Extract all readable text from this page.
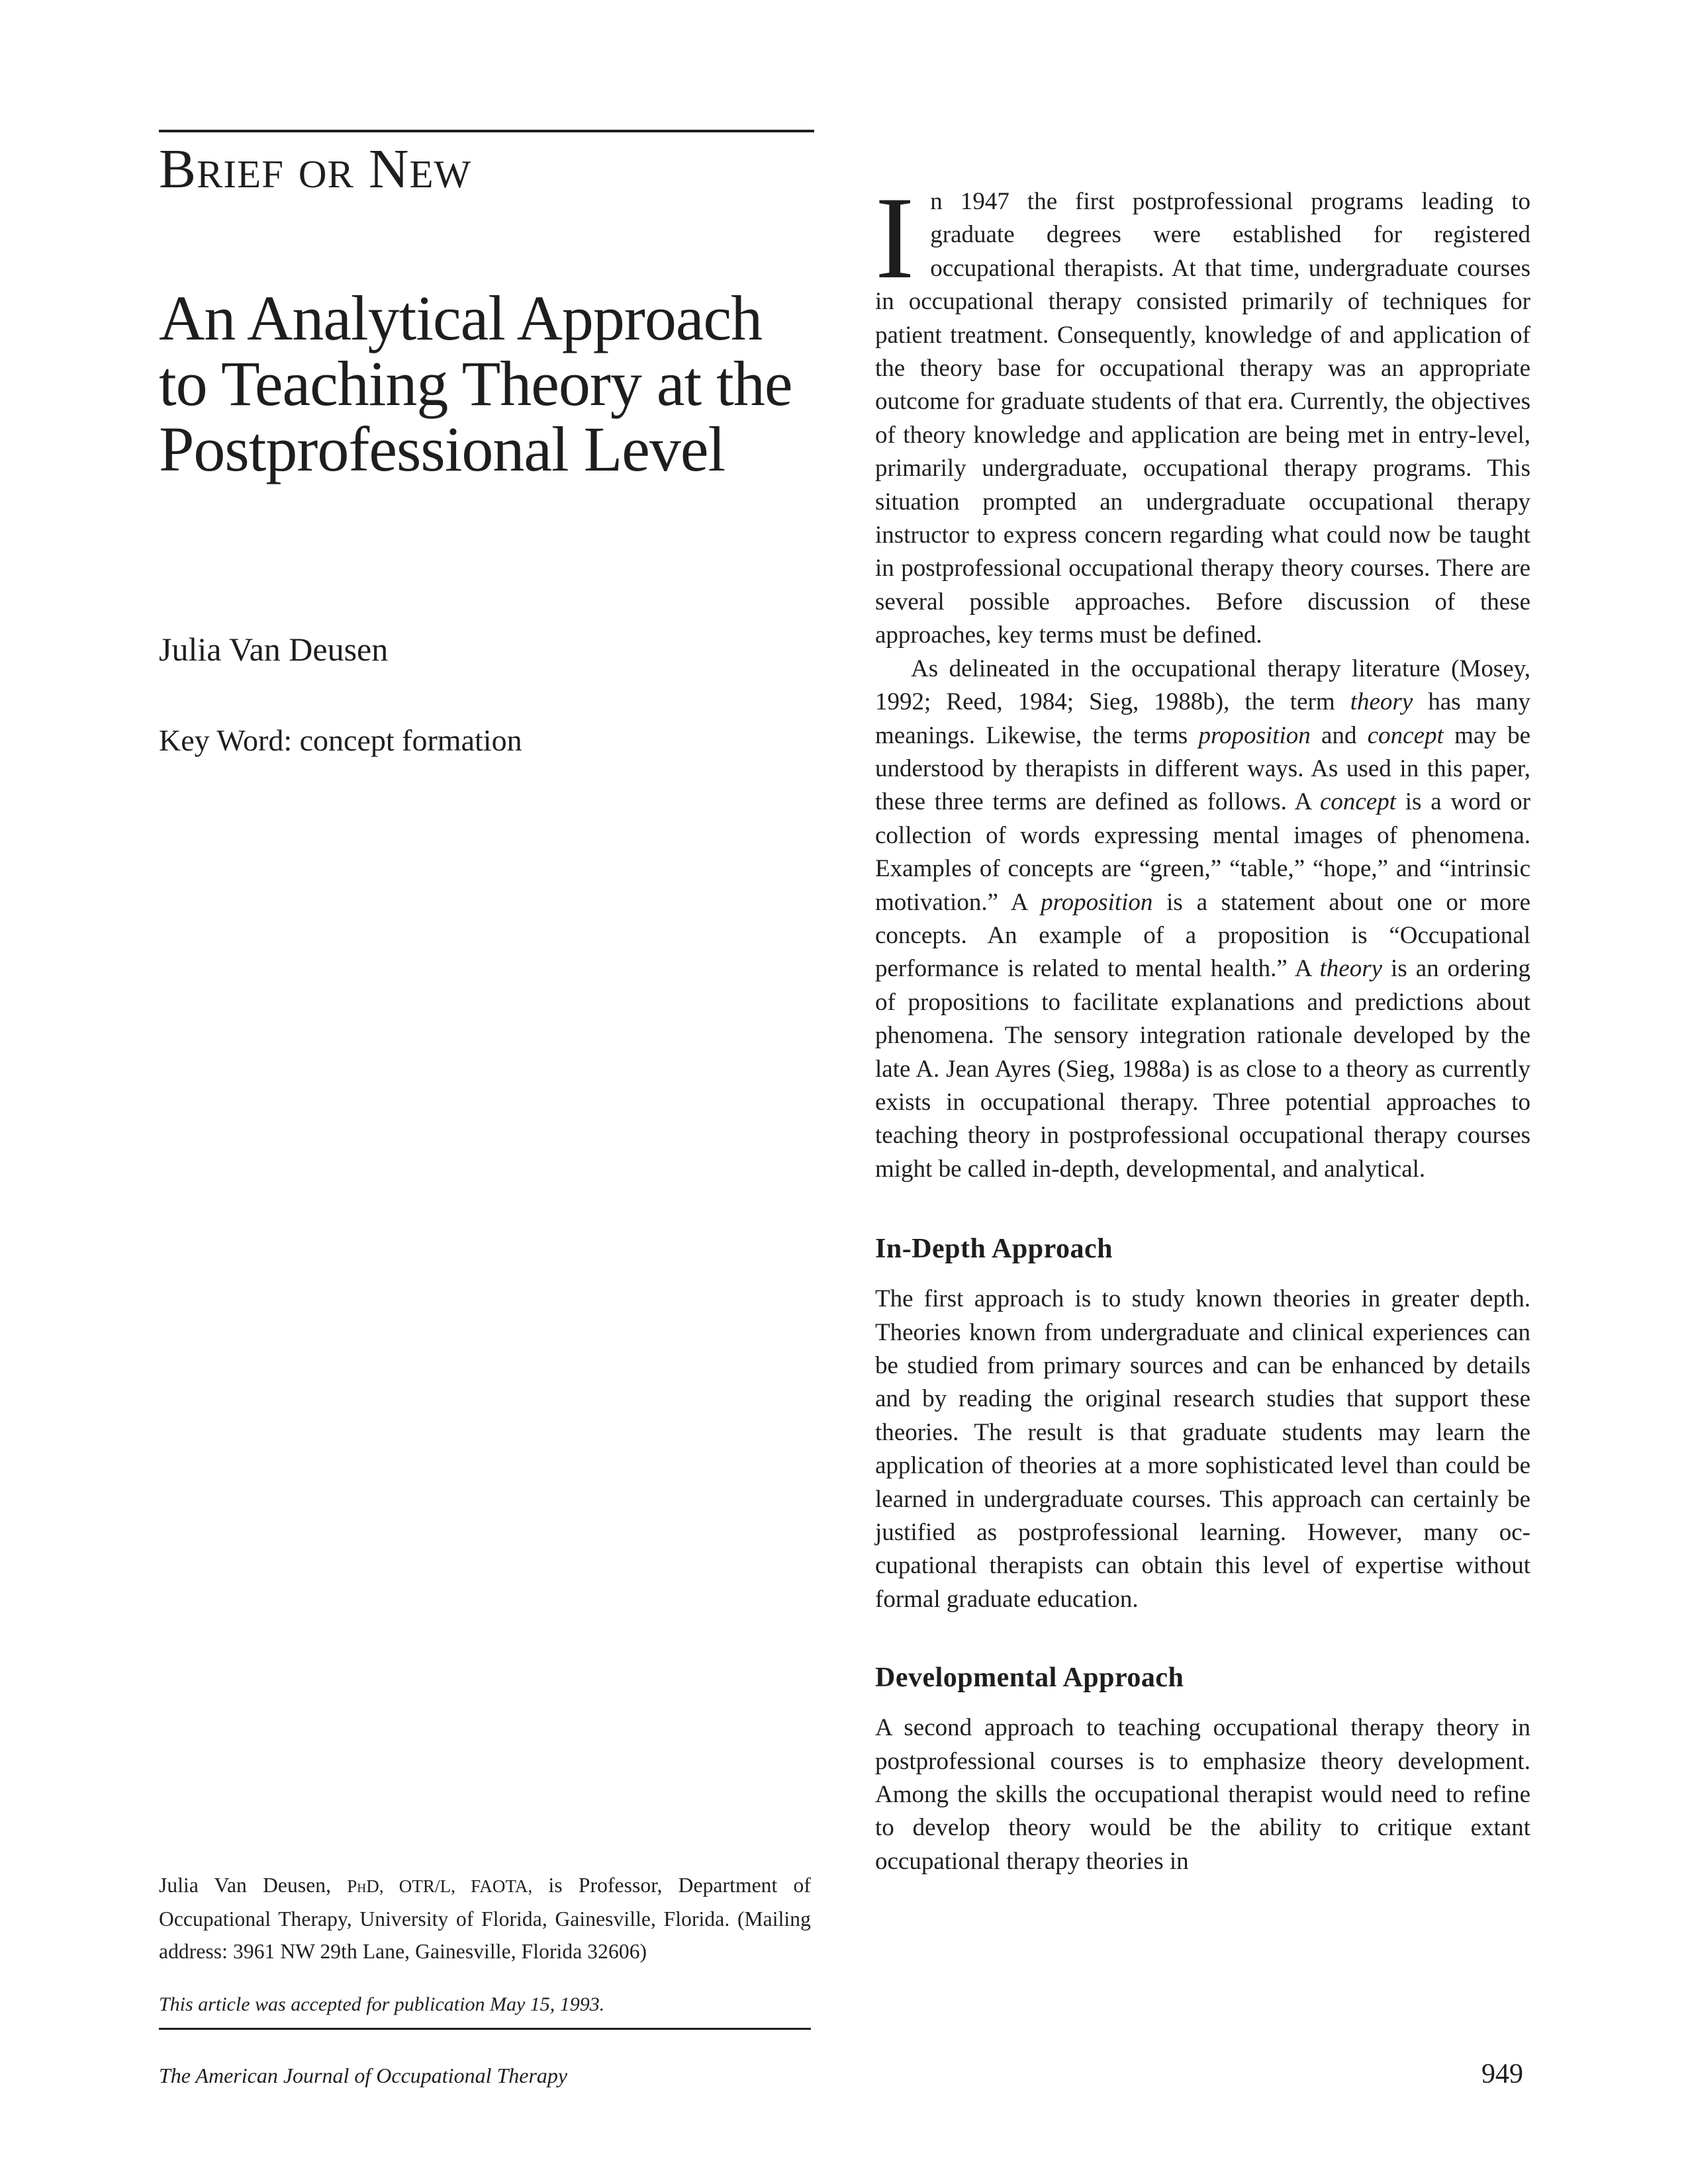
Brief or New
An Analytical Approach to Teaching Theory at the Postprofessional Level
Julia Van Deusen
Key Word: concept formation
Julia Van Deusen, PhD, OTR/L, FAOTA, is Professor, Department of Occupational Therapy, University of Florida, Gainesville, Florida. (Mailing address: 3961 NW 29th Lane, Gainesville, Florida 32606)
This article was accepted for publication May 15, 1993.
The American Journal of Occupational Therapy	949

In 1947 the first postprofessional programs leading to graduate degrees were established for registered occupational therapists. At that time, undergraduate courses in occupational therapy consisted primarily of techniques for patient treatment. Consequently, knowledge of and application of the theory base for occupational therapy was an appropriate outcome for graduate students of that era. Currently, the objectives of theory knowledge and application are being met in entry-level, primarily undergraduate, occupational therapy programs. This situation prompted an undergraduate occupational therapy instructor to express concern regarding what could now be taught in postprofessional occupational therapy theory courses. There are several possible approaches. Before discussion of these approaches, key terms must be defined.

As delineated in the occupational therapy literature (Mosey, 1992; Reed, 1984; Sieg, 1988b), the term theory has many meanings. Likewise, the terms proposition and concept may be understood by therapists in different ways. As used in this paper, these three terms are defined as follows. A concept is a word or collection of words expressing mental images of phenomena. Examples of concepts are “green,” “table,” “hope,” and “intrinsic motivation.” A proposition is a statement about one or more concepts. An example of a proposition is “Occupational performance is related to mental health.” A theory is an ordering of propositions to facilitate explanations and predictions about phenomena. The sensory integration rationale developed by the late A. Jean Ayres (Sieg, 1988a) is as close to a theory as currently exists in occupational therapy. Three potential approaches to teaching theory in postprofessional occupational therapy courses might be called in-depth, developmental, and analytical.

In-Depth Approach

The first approach is to study known theories in greater depth. Theories known from undergraduate and clinical experiences can be studied from primary sources and can be enhanced by details and by reading the original research studies that support these theories. The result is that graduate students may learn the application of theories at a more sophisticated level than could be learned in undergraduate courses. This approach can certainly be justified as postprofessional learning. However, many occupational therapists can obtain this level of expertise without formal graduate education.

Developmental Approach

A second approach to teaching occupational therapy theory in postprofessional courses is to emphasize theory development. Among the skills the occupational therapist would need to refine to develop theory would be the ability to critique extant occupational therapy theories in
